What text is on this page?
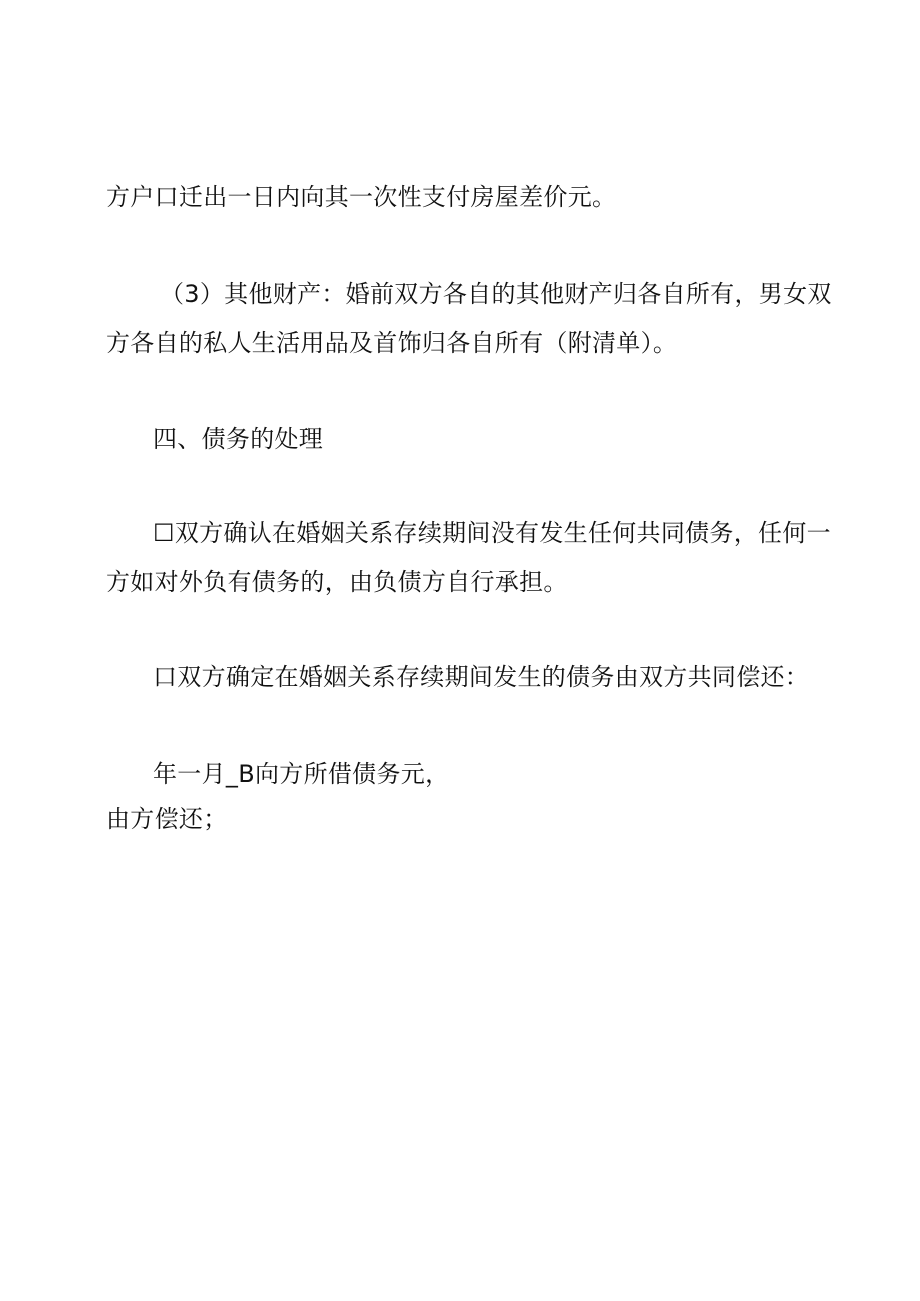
方户口迁出一日内向其一次性支付房屋差价元。
（3）其他财产：婚前双方各自的其他财产归各自所有，男女双
方各自的私人生活用品及首饰归各自所有（附清单）。
四、债务的处理
☐双方确认在婚姻关系存续期间没有发生任何共同债务，任何一
方如对外负有债务的，由负债方自行承担。
口双方确定在婚姻关系存续期间发生的债务由双方共同偿还：
年一月_B向方所借债务元，
由方偿还；
